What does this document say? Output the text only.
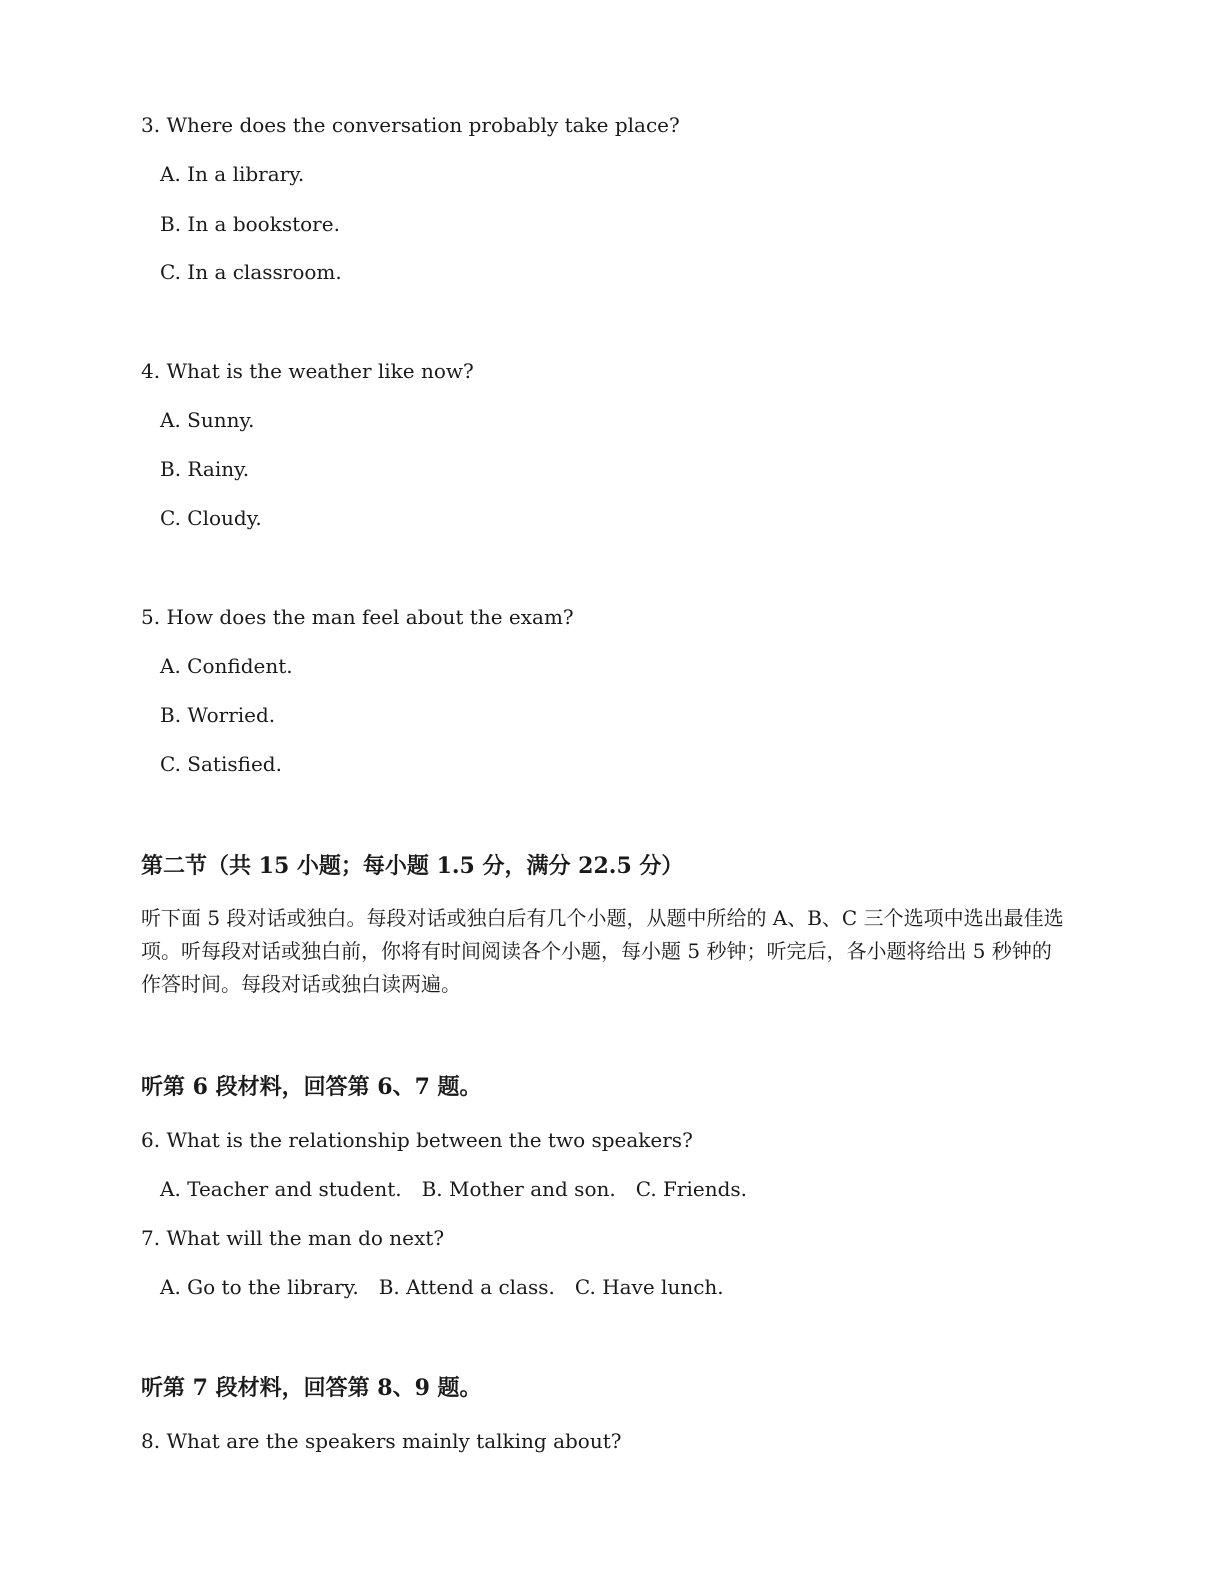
3. Where does the conversation probably take place?
A. In a library.
B. In a bookstore.
C. In a classroom.
4. What is the weather like now?
A. Sunny.
B. Rainy.
C. Cloudy.
5. How does the man feel about the exam?
A. Confident.
B. Worried.
C. Satisfied.
第二节（共 15 小题；每小题 1.5 分，满分 22.5 分）
听下面 5 段对话或独白。每段对话或独白后有几个小题，从题中所给的 A、B、C 三个选项中选出最佳选项。听每段对话或独白前，你将有时间阅读各个小题，每小题 5 秒钟；听完后，各小题将给出 5 秒钟的作答时间。每段对话或独白读两遍。
听第 6 段材料，回答第 6、7 题。
6. What is the relationship between the two speakers?
A. Teacher and student. B. Mother and son. C. Friends.
7. What will the man do next?
A. Go to the library. B. Attend a class. C. Have lunch.
听第 7 段材料，回答第 8、9 题。
8. What are the speakers mainly talking about?
